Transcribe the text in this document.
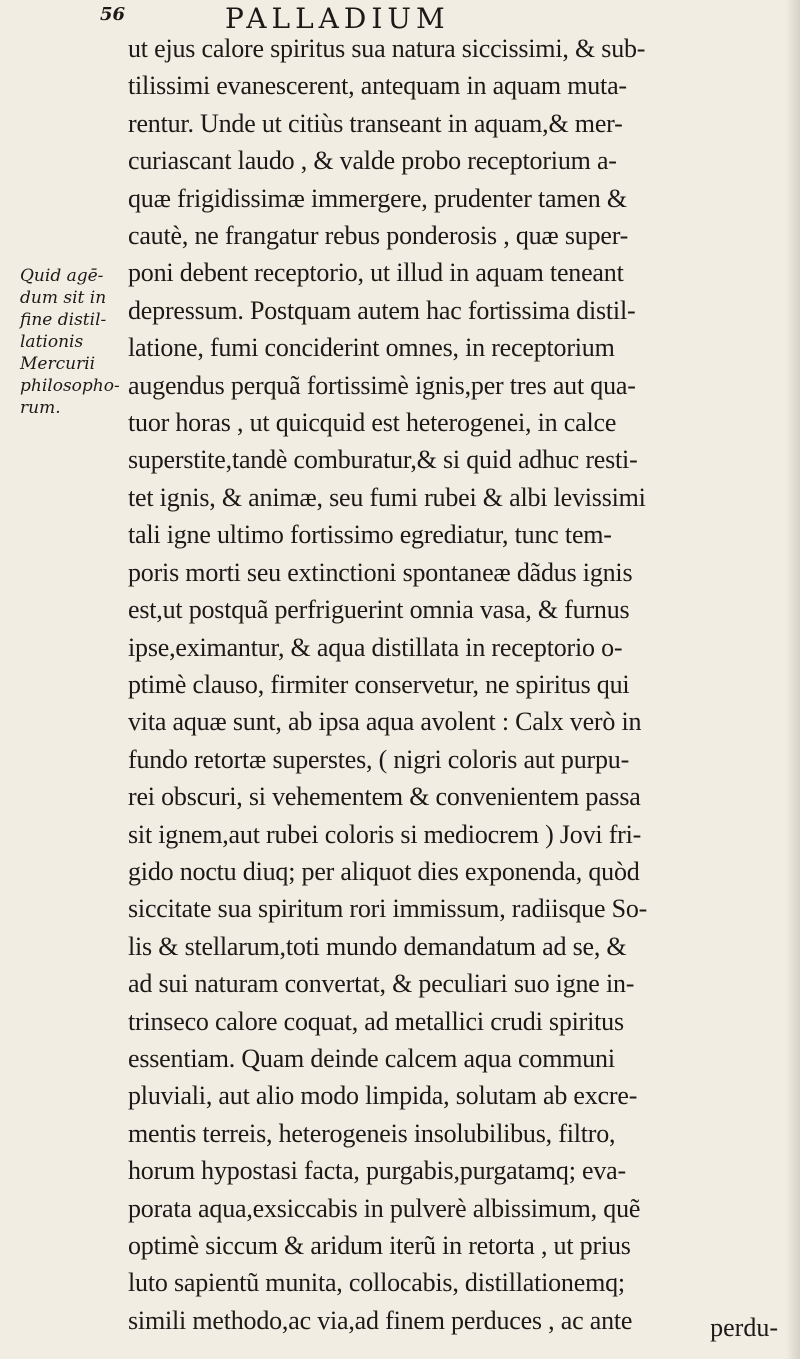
56	PALLADIUM
Quid agē-
dum sit in
fine distil-
lationis
Mercurii
philosopho-
rum.
ut ejus calore spiritus sua natura siccissimi, & sub-
tilissimi evanescerent, antequam in aquam muta-
rentur. Unde ut citiùs transeant in aquam,& mer-
curiascant laudo , & valde probo receptorium a-
quæ frigidissimæ immergere, prudenter tamen &
cautè, ne frangatur rebus ponderosis , quæ super-
poni debent receptorio, ut illud in aquam teneant
depressum. Postquam autem hac fortissima distil-
latione, fumi conciderint omnes, in receptorium
augendus perquã fortissimè ignis,per tres aut qua-
tuor horas , ut quicquid est heterogenei, in calce
superstite,tandè comburatur,& si quid adhuc resti-
tet ignis, & animæ, seu fumi rubei & albi levissimi
tali igne ultimo fortissimo egrediatur, tunc tem-
poris morti seu extinctioni spontaneæ dãdus ignis
est,ut postquã perfriguerint omnia vasa, & furnus
ipse,eximantur, & aqua distillata in receptorio o-
ptimè clauso, firmiter conservetur, ne spiritus qui
vita aquæ sunt, ab ipsa aqua avolent : Calx verò in
fundo retortæ superstes, ( nigri coloris aut purpu-
rei obscuri, si vehementem & convenientem passa
sit ignem,aut rubei coloris si mediocrem ) Jovi fri-
gido noctu diuq; per aliquot dies exponenda, quòd
siccitate sua spiritum rori immissum, radiisque So-
lis & stellarum,toti mundo demandatum ad se, &
ad sui naturam convertat, & peculiari suo igne in-
trinseco calore coquat, ad metallici crudi spiritus
essentiam. Quam deinde calcem aqua communi
pluviali, aut alio modo limpida, solutam ab excre-
mentis terreis, heterogeneis insolubilibus, filtro,
horum hypostasi facta, purgabis,purgatamq; eva-
porata aqua,exsiccabis in pulverè albissimum, quẽ
optimè siccum & aridum iterũ in retorta , ut prius
luto sapientũ munita, collocabis, distillationemq;
simili methodo,ac via,ad finem perduces , ac ante	perdu-
